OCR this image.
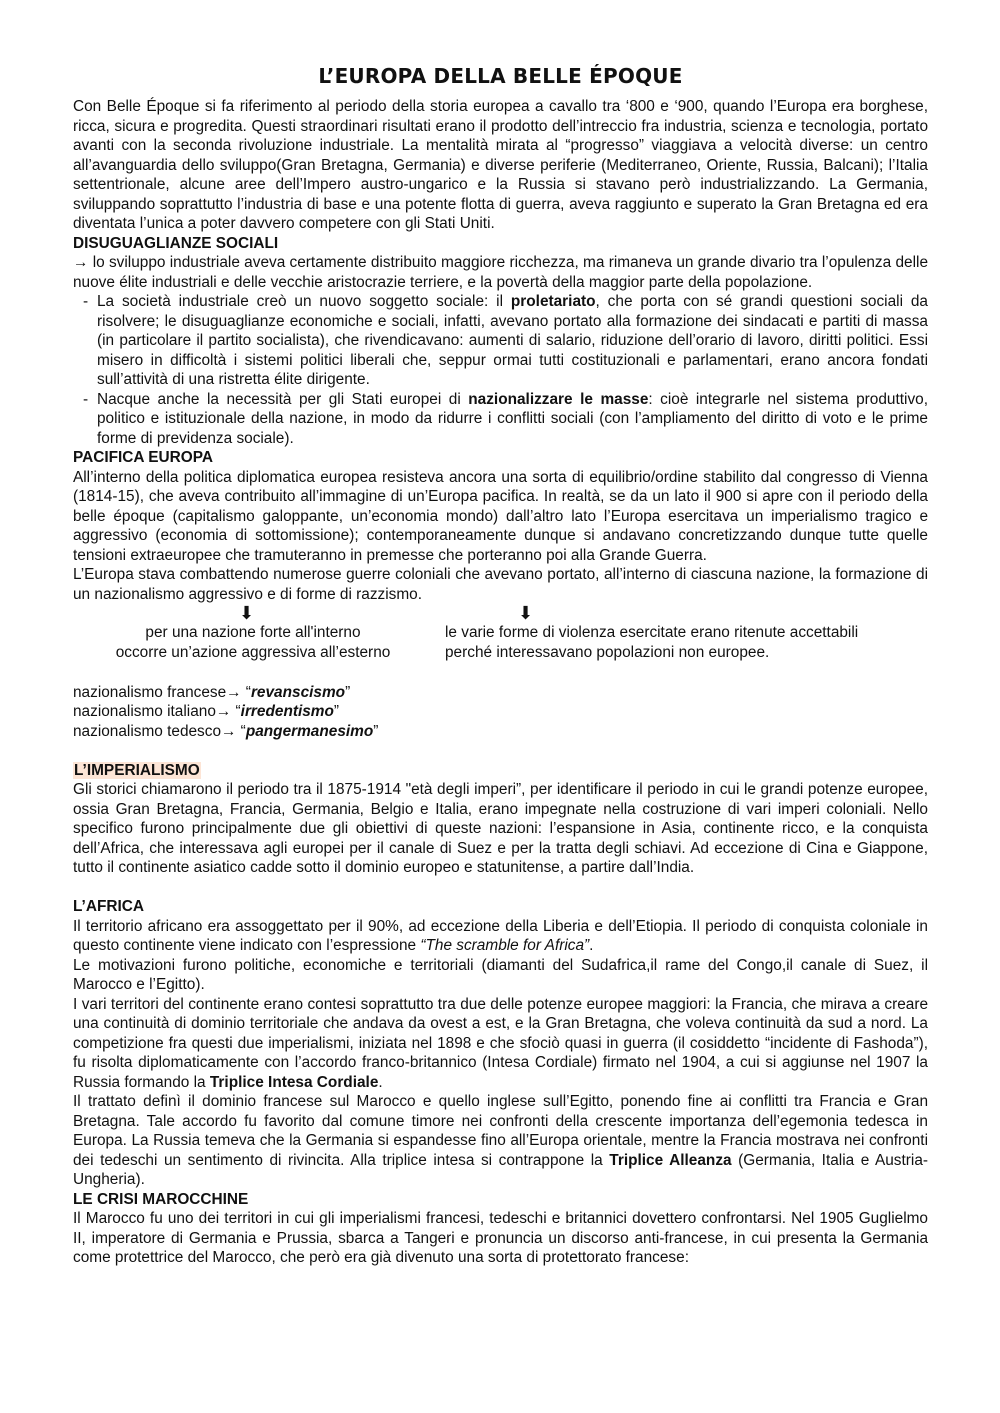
L’EUROPA DELLA BELLE ÉPOQUE

Con Belle Époque si fa riferimento al periodo della storia europea a cavallo tra ‘800 e ‘900, quando l’Europa era borghese, ricca, sicura e progredita. Questi straordinari risultati erano il prodotto dell’intreccio fra industria, scienza e tecnologia, portato avanti con la seconda rivoluzione industriale. La mentalità mirata al “progresso” viaggiava a velocità diverse: un centro all’avanguardia dello sviluppo(Gran Bretagna, Germania) e diverse periferie (Mediterraneo, Oriente, Russia, Balcani); l’Italia settentrionale, alcune aree dell’Impero austro-ungarico e la Russia si stavano però industrializzando. La Germania, sviluppando soprattutto l’industria di base e una potente flotta di guerra, aveva raggiunto e superato la Gran Bretagna ed era diventata l’unica a poter davvero competere con gli Stati Uniti.

DISUGUAGLIANZE SOCIALI

→ lo sviluppo industriale aveva certamente distribuito maggiore ricchezza, ma rimaneva un grande divario tra l’opulenza delle nuove élite industriali e delle vecchie aristocrazie terriere, e la povertà della maggior parte della popolazione.

- La società industriale creò un nuovo soggetto sociale: il proletariato, che porta con sé grandi questioni sociali da risolvere; le disuguaglianze economiche e sociali, infatti, avevano portato alla formazione dei sindacati e partiti di massa (in particolare il partito socialista), che rivendicavano: aumenti di salario, riduzione dell’orario di lavoro, diritti politici. Essi misero in difficoltà i sistemi politici liberali che, seppur ormai tutti costituzionali e parlamentari, erano ancora fondati sull’attività di una ristretta élite dirigente.
- Nacque anche la necessità per gli Stati europei di nazionalizzare le masse: cioè integrarle nel sistema produttivo, politico e istituzionale della nazione, in modo da ridurre i conflitti sociali (con l’ampliamento del diritto di voto e le prime forme di previdenza sociale).
PACIFICA EUROPA

All’interno della politica diplomatica europea resisteva ancora una sorta di equilibrio/ordine stabilito dal congresso di Vienna (1814-15), che aveva contribuito all’immagine di un’Europa pacifica. In realtà, se da un lato il 900 si apre con il periodo della belle époque (capitalismo galoppante, un’economia mondo) dall’altro lato l’Europa esercitava un imperialismo tragico e aggressivo (economia di sottomissione); contemporaneamente dunque si andavano concretizzando dunque tutte quelle tensioni extraeuropee che tramuteranno in premesse che porteranno poi alla Grande Guerra.

L’Europa stava combattendo numerose guerre coloniali che avevano portato, all’interno di ciascuna nazione, la formazione di un nazionalismo aggressivo e di forme di razzismo.

⬇	⬇
per una nazione forte all'interno
occorre un’azione aggressiva all’esterno
le varie forme di violenza esercitate erano ritenute accettabili
perché interessavano popolazioni non europee.
nazionalismo francese→ “revanscismo”
nazionalismo italiano→ “irredentismo”
nazionalismo tedesco→ “pangermanesimo”
L’IMPERIALISMO

Gli storici chiamarono il periodo tra il 1875-1914 "età degli imperi”, per identificare il periodo in cui le grandi potenze europee, ossia Gran Bretagna, Francia, Germania, Belgio e Italia, erano impegnate nella costruzione di vari imperi coloniali. Nello specifico furono principalmente due gli obiettivi di queste nazioni: l’espansione in Asia, continente ricco, e la conquista dell’Africa, che interessava agli europei per il canale di Suez e per la tratta degli schiavi. Ad eccezione di Cina e Giappone, tutto il continente asiatico cadde sotto il dominio europeo e statunitense, a partire dall’India.

L’AFRICA

Il territorio africano era assoggettato per il 90%, ad eccezione della Liberia e dell’Etiopia. Il periodo di conquista coloniale in questo continente viene indicato con l’espressione “The scramble for Africa”.

Le motivazioni furono politiche, economiche e territoriali (diamanti del Sudafrica,il rame del Congo,il canale di Suez, il Marocco e l’Egitto).

I vari territori del continente erano contesi soprattutto tra due delle potenze europee maggiori: la Francia, che mirava a creare una continuità di dominio territoriale che andava da ovest a est, e la Gran Bretagna, che voleva continuità da sud a nord. La competizione fra questi due imperialismi, iniziata nel 1898 e che sfociò quasi in guerra (il cosiddetto “incidente di Fashoda”), fu risolta diplomaticamente con l’accordo franco-britannico (Intesa Cordiale) firmato nel 1904, a cui si aggiunse nel 1907 la Russia formando la Triplice Intesa Cordiale.

Il trattato definì il dominio francese sul Marocco e quello inglese sull’Egitto, ponendo fine ai conflitti tra Francia e Gran Bretagna. Tale accordo fu favorito dal comune timore nei confronti della crescente importanza dell’egemonia tedesca in Europa. La Russia temeva che la Germania si espandesse fino all’Europa orientale, mentre la Francia mostrava nei confronti dei tedeschi un sentimento di rivincita. Alla triplice intesa si contrappone la Triplice Alleanza (Germania, Italia e Austria-Ungheria).

LE CRISI MAROCCHINE

Il Marocco fu uno dei territori in cui gli imperialismi francesi, tedeschi e britannici dovettero confrontarsi. Nel 1905 Guglielmo II, imperatore di Germania e Prussia, sbarca a Tangeri e pronuncia un discorso anti-francese, in cui presenta la Germania come protettrice del Marocco, che però era già divenuto una sorta di protettorato francese:
